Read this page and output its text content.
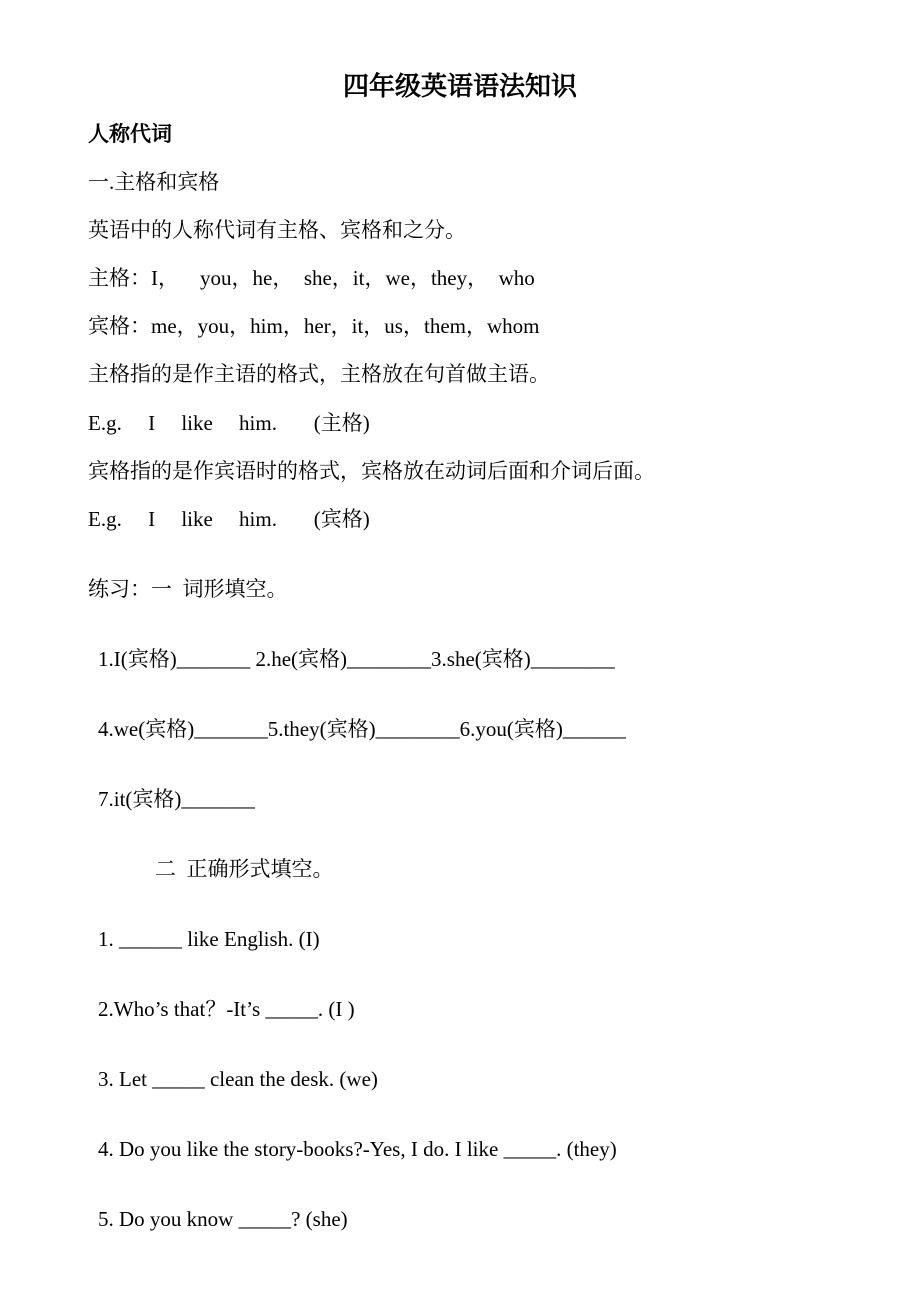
四年级英语语法知识
人称代词
一.主格和宾格
英语中的人称代词有主格、宾格和之分。
主格：I，    you，he，  she，it，we，they，  who
宾格：me，you，him，her，it，us，them，whom
主格指的是作主语的格式，主格放在句首做主语。
E.g.     I     like     him.       (主格)
宾格指的是作宾语时的格式，宾格放在动词后面和介词后面。
E.g.     I     like     him.       (宾格)
练习：一  词形填空。
1.I(宾格)_______ 2.he(宾格)________3.she(宾格)________
4.we(宾格)_______5.they(宾格)________6.you(宾格)______
7.it(宾格)_______
二  正确形式填空。
1. ______ like English. (I)
2.Who’s that？-It’s _____. (I )
3. Let _____ clean the desk. (we)
4. Do you like the story-books?-Yes, I do. I like _____. (they)
5. Do you know _____? (she)
